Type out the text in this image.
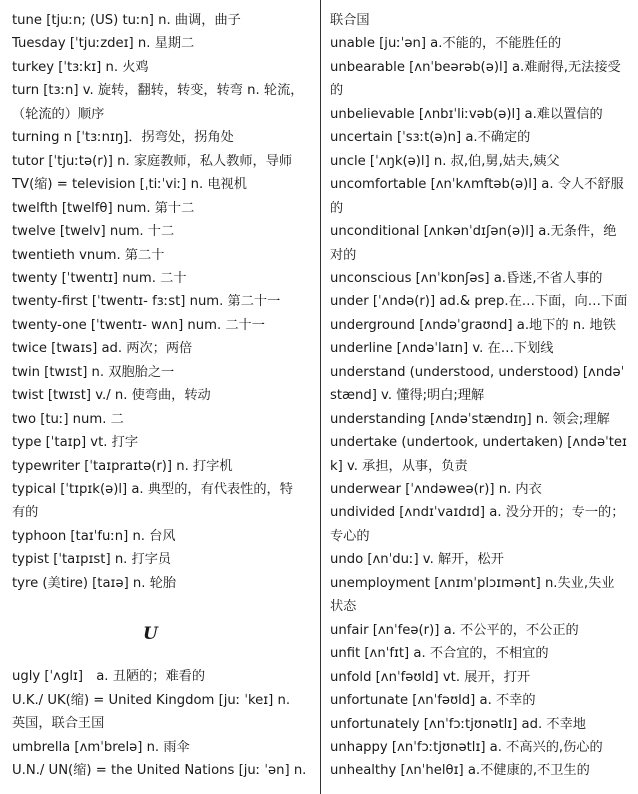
tune [tjuːn; (US) tuːn] n. 曲调，曲子
Tuesday [ˈtjuːzdeɪ] n. 星期二
turkey [ˈtɜːkɪ] n. 火鸡
turn [tɜːn] v. 旋转，翻转，转变，转弯 n. 轮流，
（轮流的）顺序
turning n [ˈtɜːnɪŋ]．拐弯处，拐角处
tutor [ˈtjuːtə(r)] n. 家庭教师，私人教师，导师
TV(缩) = television [ˌtiːˈviː] n. 电视机
twelfth [twelfθ] num. 第十二
twelve [twelv] num. 十二
twentieth vnum. 第二十
twenty [ˈtwentɪ] num. 二十
twenty-first [ˈtwentɪ- fɜːst] num. 第二十一
twenty-one [ˈtwentɪ- wʌn] num. 二十一
twice [twaɪs] ad. 两次；两倍
twin [twɪst] n. 双胞胎之一
twist [twɪst] v./ n. 使弯曲，转动
two [tuː] num. 二
type [ˈtaɪp] vt. 打字
typewriter [ˈtaɪpraɪtə(r)] n. 打字机
typical [ˈtɪpɪk(ə)l] a. 典型的，有代表性的，特
有的
typhoon [taɪˈfuːn] n. 台风
typist [ˈtaɪpɪst] n. 打字员
tyre (美tire) [taɪə] n. 轮胎
ugly [ˈʌglɪ]　a. 丑陋的；难看的
U.K./ UK(缩) = United Kingdom [juː ˈkeɪ] n.
英国，联合王国
umbrella [ʌmˈbrelə] n. 雨伞
U.N./ UN(缩) = the United Nations [juː ˈən] n.
U
联合国
unable [juːˈən] a.不能的，不能胜任的
unbearable [ʌnˈbeərəb(ə)l] a.难耐得,无法接受
的
unbelievable [ʌnbɪˈliːvəb(ə)l] a.难以置信的
uncertain [ˈsɜːt(ə)n] a.不确定的
uncle [ˈʌŋk(ə)l] n. 叔,伯,舅,姑夫,姨父
uncomfortable [ʌnˈkʌmftəb(ə)l] a. 令人不舒服
的
unconditional [ʌnkənˈdɪʃən(ə)l] a.无条件，绝
对的
unconscious [ʌnˈkɒnʃəs] a.昏迷,不省人事的
under [ˈʌndə(r)] ad.& prep.在…下面，向…下面
underground [ʌndəˈgraʊnd] a.地下的 n. 地铁
underline [ʌndəˈlaɪn] v. 在…下划线
understand (understood, understood) [ʌndəˈ
stænd] v. 懂得;明白;理解
understanding [ʌndəˈstændɪŋ] n. 领会;理解
undertake (undertook, undertaken) [ʌndəˈteɪ
k] v. 承担，从事，负责
underwear [ˈʌndəweə(r)] n. 内衣
undivided [ʌndɪˈvaɪdɪd] a. 没分开的；专一的；
专心的
undo [ʌnˈduː] v. 解开，松开
unemployment [ʌnɪmˈplɔɪmənt] n.失业,失业
状态
unfair [ʌnˈfeə(r)] a. 不公平的，不公正的
unfit [ʌnˈfɪt] a. 不合宜的，不相宜的
unfold [ʌnˈfəʊld] vt. 展开，打开
unfortunate [ʌnˈfəʊld] a. 不幸的
unfortunately [ʌnˈfɔːtjʊnətlɪ] ad. 不幸地
unhappy [ʌnˈfɔːtjʊnətlɪ] a. 不高兴的,伤心的
unhealthy [ʌnˈhelθɪ] a.不健康的,不卫生的
